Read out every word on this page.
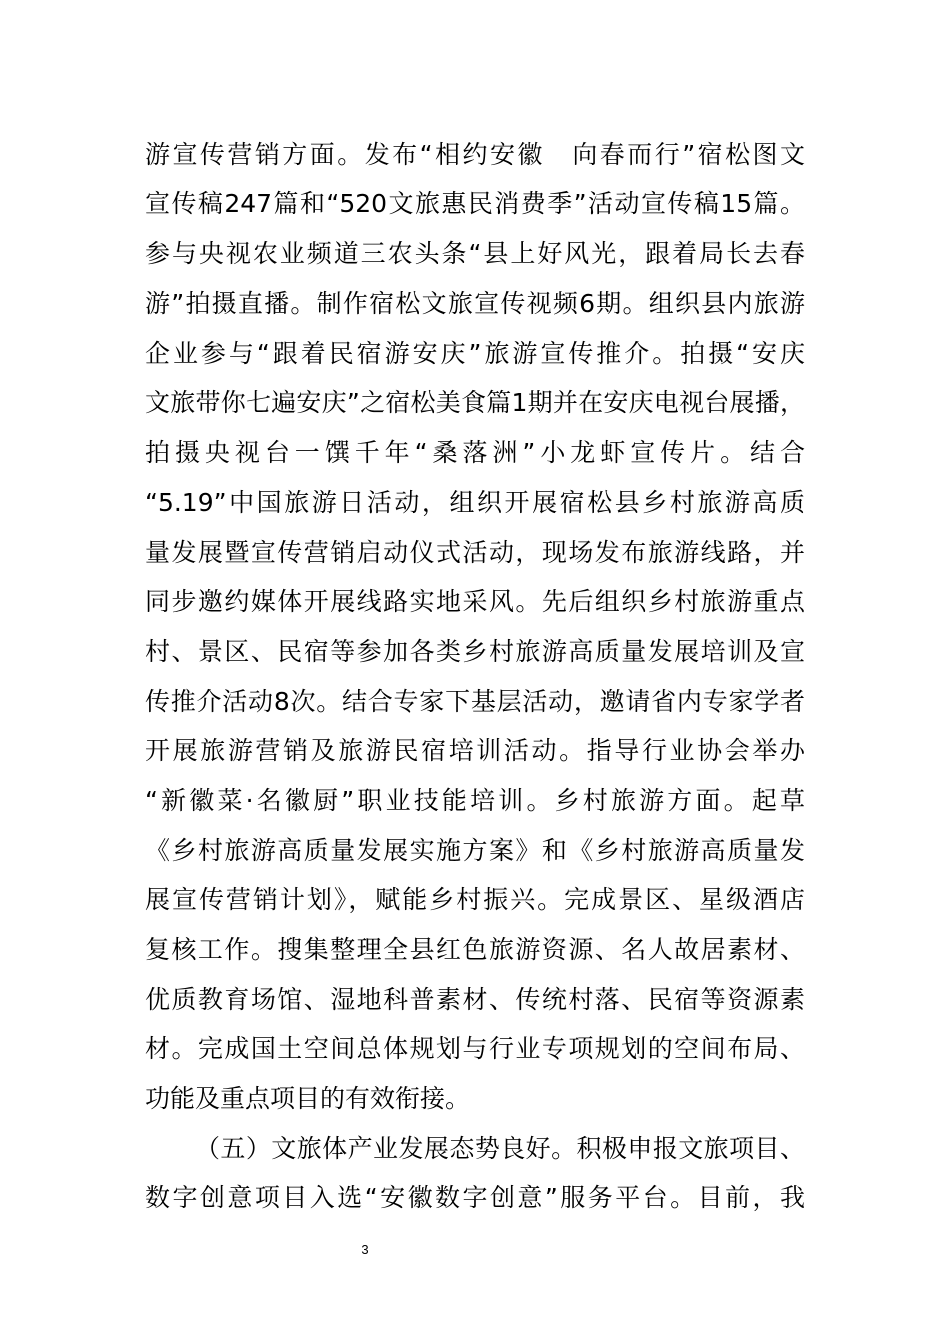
游宣传营销方面。发布“相约安徽　向春而行”宿松图文
宣传稿247篇和“520文旅惠民消费季”活动宣传稿15篇。
参与央视农业频道三农头条“县上好风光，跟着局长去春
游”拍摄直播。制作宿松文旅宣传视频6期。组织县内旅游
企业参与“跟着民宿游安庆”旅游宣传推介。拍摄“安庆
文旅带你七遍安庆”之宿松美食篇1期并在安庆电视台展播，
拍摄央视台一馔千年“桑落洲”小龙虾宣传片。结合
“5.19”中国旅游日活动，组织开展宿松县乡村旅游高质
量发展暨宣传营销启动仪式活动，现场发布旅游线路，并
同步邀约媒体开展线路实地采风。先后组织乡村旅游重点
村、景区、民宿等参加各类乡村旅游高质量发展培训及宣
传推介活动8次。结合专家下基层活动，邀请省内专家学者
开展旅游营销及旅游民宿培训活动。指导行业协会举办
“新徽菜·名徽厨”职业技能培训。乡村旅游方面。起草
《乡村旅游高质量发展实施方案》和《乡村旅游高质量发
展宣传营销计划》，赋能乡村振兴。完成景区、星级酒店
复核工作。搜集整理全县红色旅游资源、名人故居素材、
优质教育场馆、湿地科普素材、传统村落、民宿等资源素
材。完成国土空间总体规划与行业专项规划的空间布局、
功能及重点项目的有效衔接。
（五）文旅体产业发展态势良好。积极申报文旅项目、
数字创意项目入选“安徽数字创意”服务平台。目前，我
3
